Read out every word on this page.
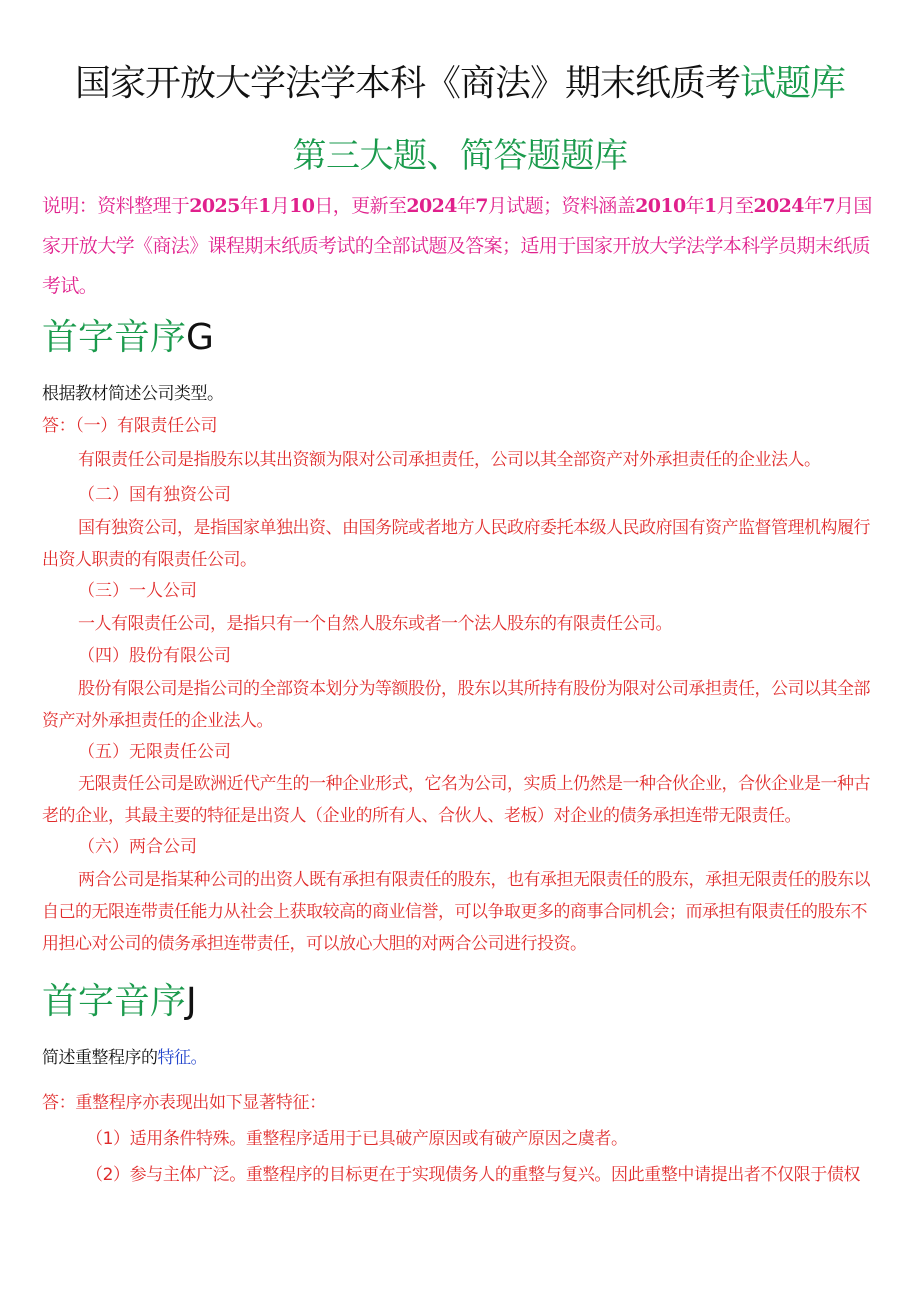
国家开放大学法学本科《商法》期末纸质考试题库
第三大题、简答题题库
说明：资料整理于2025年1月10日，更新至2024年7月试题；资料涵盖2010年1月至2024年7月国家开放大学《商法》课程期末纸质考试的全部试题及答案；适用于国家开放大学法学本科学员期末纸质考试。
首字音序G
根据教材简述公司类型。
答：（一）有限责任公司
有限责任公司是指股东以其出资额为限对公司承担责任，公司以其全部资产对外承担责任的企业法人。
（二）国有独资公司
国有独资公司，是指国家单独出资、由国务院或者地方人民政府委托本级人民政府国有资产监督管理机构履行出资人职责的有限责任公司。
（三）一人公司
一人有限责任公司，是指只有一个自然人股东或者一个法人股东的有限责任公司。
（四）股份有限公司
股份有限公司是指公司的全部资本划分为等额股份，股东以其所持有股份为限对公司承担责任，公司以其全部资产对外承担责任的企业法人。
（五）无限责任公司
无限责任公司是欧洲近代产生的一种企业形式，它名为公司，实质上仍然是一种合伙企业，合伙企业是一种古老的企业，其最主要的特征是出资人（企业的所有人、合伙人、老板）对企业的债务承担连带无限责任。
（六）两合公司
两合公司是指某种公司的出资人既有承担有限责任的股东，也有承担无限责任的股东，承担无限责任的股东以自己的无限连带责任能力从社会上获取较高的商业信誉，可以争取更多的商事合同机会；而承担有限责任的股东不用担心对公司的债务承担连带责任，可以放心大胆的对两合公司进行投资。
首字音序J
简述重整程序的特征。
答：重整程序亦表现出如下显著特征：
（1）适用条件特殊。重整程序适用于已具破产原因或有破产原因之虞者。
（2）参与主体广泛。重整程序的目标更在于实现债务人的重整与复兴。因此重整中请提出者不仅限于债权
